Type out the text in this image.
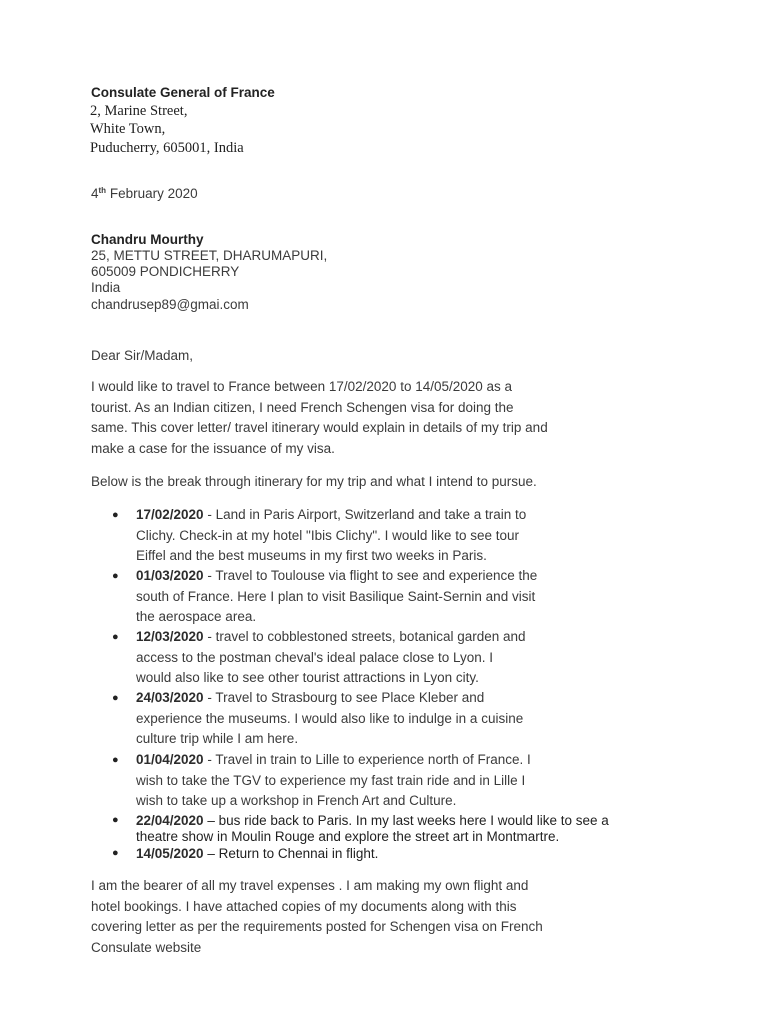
Consulate General of France
2, Marine Street,
White Town,
Puducherry, 605001, India
4th February 2020
Chandru Mourthy
25, METTU STREET, DHARUMAPURI,
605009 PONDICHERRY
India
chandrusep89@gmai.com
Dear Sir/Madam,
I would like to travel to France between 17/02/2020 to 14/05/2020 as a
tourist. As an Indian citizen, I need French Schengen visa for doing the
same. This cover letter/ travel itinerary would explain in details of my trip and
make a case for the issuance of my visa.
Below is the break through itinerary for my trip and what I intend to pursue.
● 17/02/2020 - Land in Paris Airport, Switzerland and take a train to
Clichy. Check-in at my hotel "Ibis Clichy". I would like to see tour
Eiffel and the best museums in my first two weeks in Paris.
● 01/03/2020 - Travel to Toulouse via flight to see and experience the
south of France. Here I plan to visit Basilique Saint-Sernin and visit
the aerospace area.
● 12/03/2020 - travel to cobblestoned streets, botanical garden and
access to the postman cheval's ideal palace close to Lyon. I
would also like to see other tourist attractions in Lyon city.
● 24/03/2020 - Travel to Strasbourg to see Place Kleber and
experience the museums. I would also like to indulge in a cuisine
culture trip while I am here.
● 01/04/2020 - Travel in train to Lille to experience north of France. I
wish to take the TGV to experience my fast train ride and in Lille I
wish to take up a workshop in French Art and Culture.
● 22/04/2020 – bus ride back to Paris. In my last weeks here I would like to see a
theatre show in Moulin Rouge and explore the street art in Montmartre.
● 14/05/2020 – Return to Chennai in flight.
I am the bearer of all my travel expenses . I am making my own flight and
hotel bookings. I have attached copies of my documents along with this
covering letter as per the requirements posted for Schengen visa on French
Consulate website
